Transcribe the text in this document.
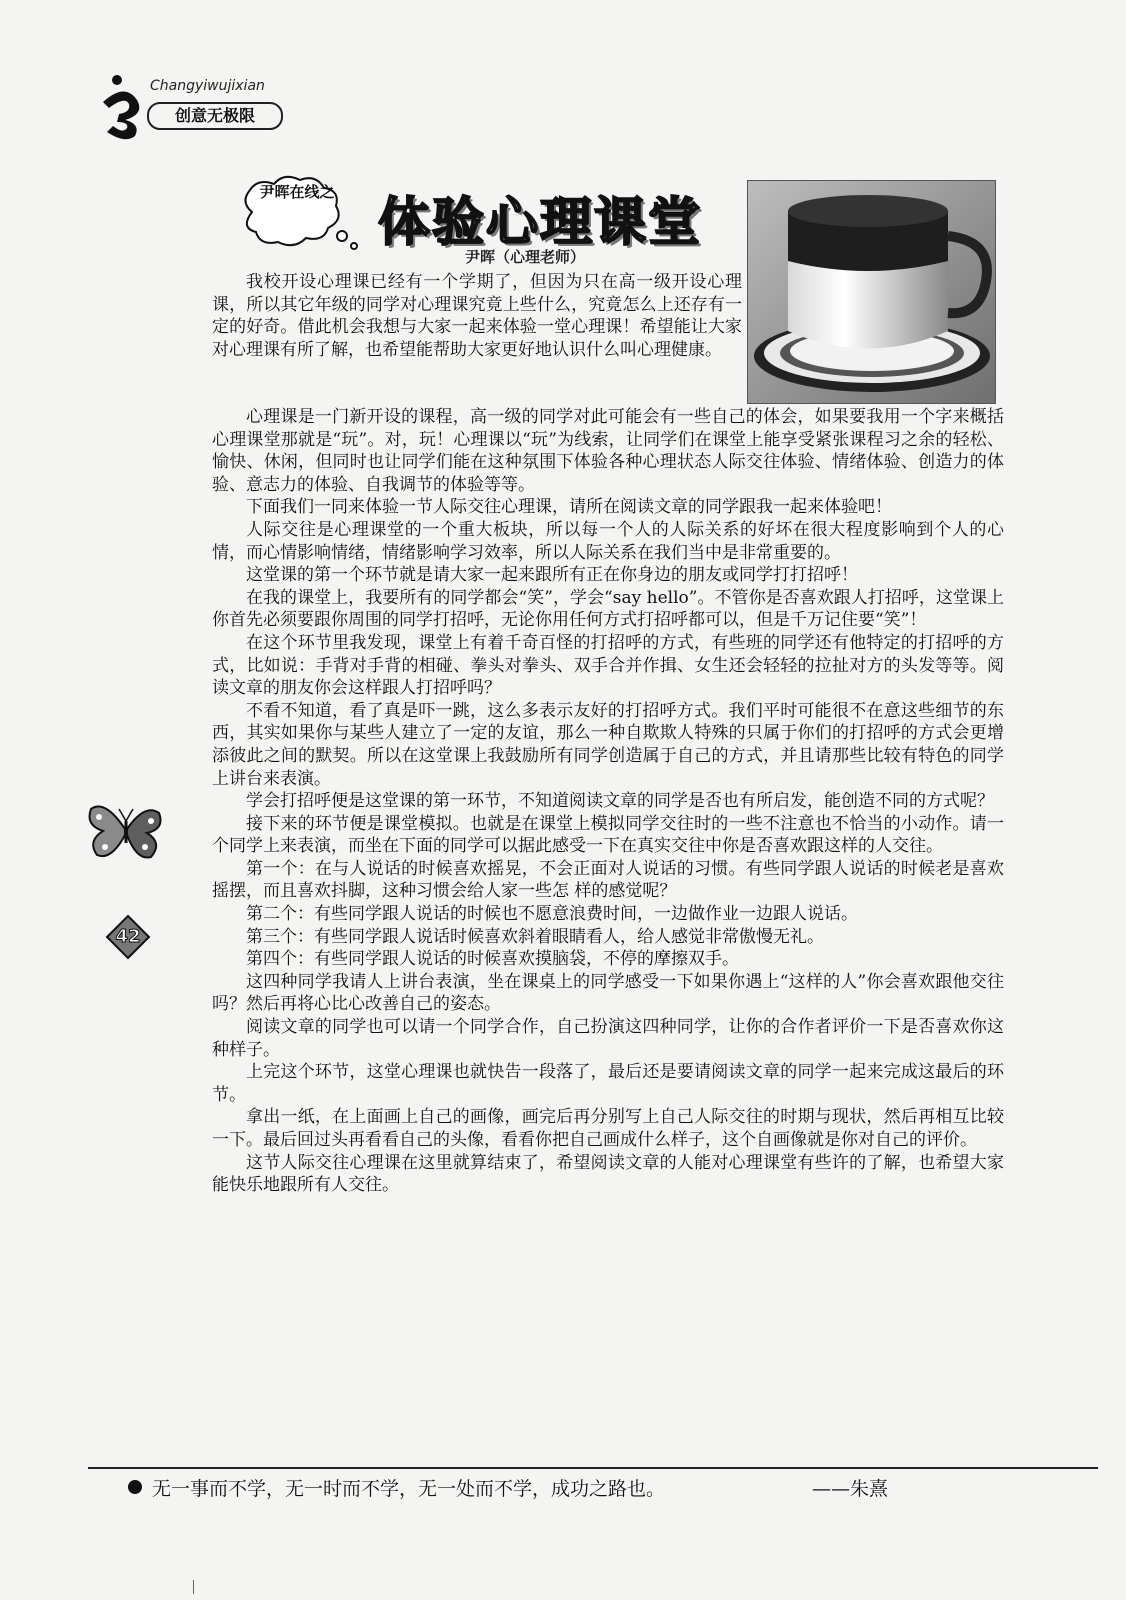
Changyiwujixian
创意无极限
尹晖在线之
体验心理课堂
尹晖（心理老师）

我校开设心理课已经有一个学期了，但因为只在高一级开设心理课，所以其它年级的同学对心理课究竟上些什么，究竟怎么上还存有一定的好奇。借此机会我想与大家一起来体验一堂心理课！希望能让大家对心理课有所了解，也希望能帮助大家更好地认识什么叫心理健康。

心理课是一门新开设的课程，高一级的同学对此可能会有一些自己的体会，如果要我用一个字来概括心理课堂那就是“玩”。对，玩！心理课以“玩”为线索，让同学们在课堂上能享受紧张课程习之余的轻松、愉快、休闲，但同时也让同学们能在这种氛围下体验各种心理状态人际交往体验、情绪体验、创造力的体验、意志力的体验、自我调节的体验等等。

下面我们一同来体验一节人际交往心理课，请所在阅读文章的同学跟我一起来体验吧！

人际交往是心理课堂的一个重大板块，所以每一个人的人际关系的好坏在很大程度影响到个人的心情，而心情影响情绪，情绪影响学习效率，所以人际关系在我们当中是非常重要的。

这堂课的第一个环节就是请大家一起来跟所有正在你身边的朋友或同学打打招呼！

在我的课堂上，我要所有的同学都会“笑”，学会“say hello”。不管你是否喜欢跟人打招呼，这堂课上你首先必须要跟你周围的同学打招呼，无论你用任何方式打招呼都可以，但是千万记住要“笑”！

在这个环节里我发现，课堂上有着千奇百怪的打招呼的方式，有些班的同学还有他特定的打招呼的方式，比如说：手背对手背的相碰、拳头对拳头、双手合并作揖、女生还会轻轻的拉扯对方的头发等等。阅读文章的朋友你会这样跟人打招呼吗？

不看不知道，看了真是吓一跳，这么多表示友好的打招呼方式。我们平时可能很不在意这些细节的东西，其实如果你与某些人建立了一定的友谊，那么一种自欺欺人特殊的只属于你们的打招呼的方式会更增添彼此之间的默契。所以在这堂课上我鼓励所有同学创造属于自己的方式，并且请那些比较有特色的同学上讲台来表演。

学会打招呼便是这堂课的第一环节，不知道阅读文章的同学是否也有所启发，能创造不同的方式呢？

接下来的环节便是课堂模拟。也就是在课堂上模拟同学交往时的一些不注意也不恰当的小动作。请一个同学上来表演，而坐在下面的同学可以据此感受一下在真实交往中你是否喜欢跟这样的人交往。

第一个：在与人说话的时候喜欢摇晃，不会正面对人说话的习惯。有些同学跟人说话的时候老是喜欢摇摆，而且喜欢抖脚，这种习惯会给人家一些怎 样的感觉呢？

第二个：有些同学跟人说话的时候也不愿意浪费时间，一边做作业一边跟人说话。

第三个：有些同学跟人说话时候喜欢斜着眼睛看人，给人感觉非常傲慢无礼。

第四个：有些同学跟人说话的时候喜欢摸脑袋，不停的摩擦双手。

这四种同学我请人上讲台表演，坐在课桌上的同学感受一下如果你遇上“这样的人”你会喜欢跟他交往吗？然后再将心比心改善自己的姿态。

阅读文章的同学也可以请一个同学合作，自己扮演这四种同学，让你的合作者评价一下是否喜欢你这种样子。

上完这个环节，这堂心理课也就快告一段落了，最后还是要请阅读文章的同学一起来完成这最后的环节。

拿出一纸，在上面画上自己的画像，画完后再分别写上自己人际交往的时期与现状，然后再相互比较一下。最后回过头再看看自己的头像，看看你把自己画成什么样子，这个自画像就是你对自己的评价。

这节人际交往心理课在这里就算结束了，希望阅读文章的人能对心理课堂有些许的了解，也希望大家能快乐地跟所有人交往。

42
无一事而不学，无一时而不学，无一处而不学，成功之路也。	——朱熹
